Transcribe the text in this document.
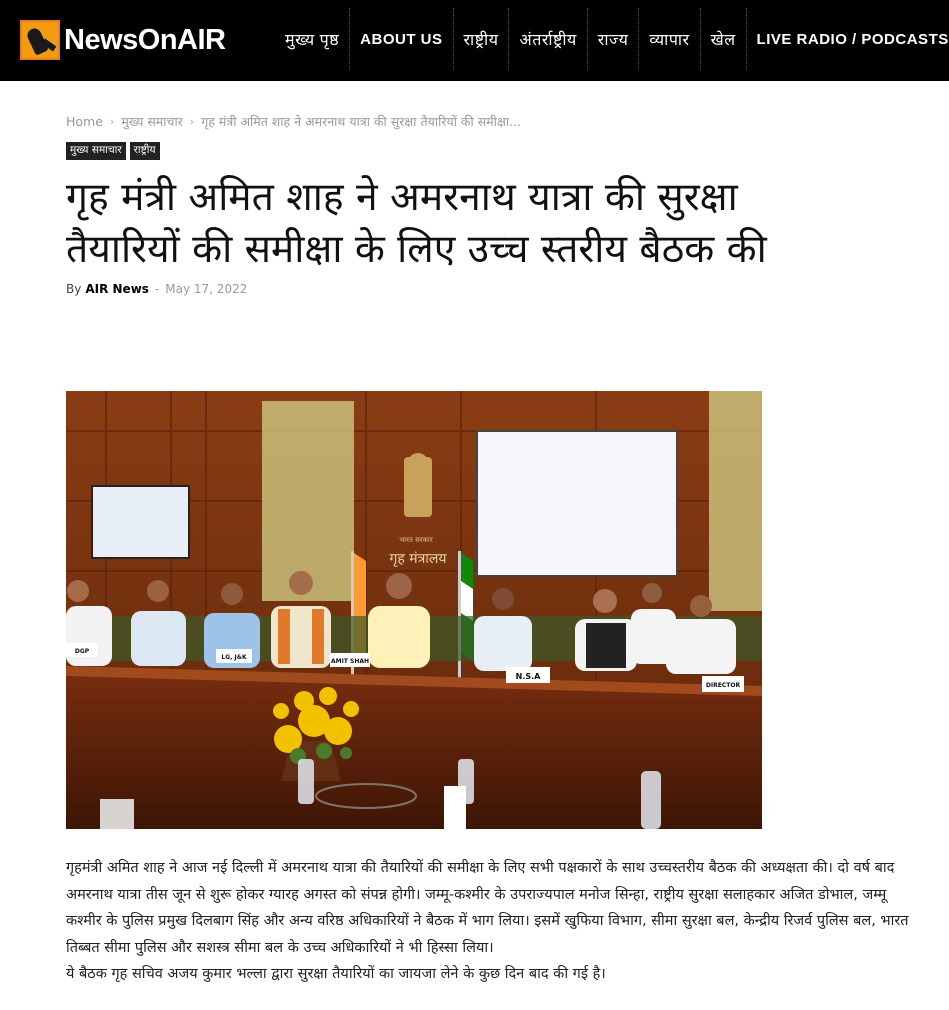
NewsOnAIR	मुख्य पृष्ठ	ABOUT US	राष्ट्रीय	अंतर्राष्ट्रीय	राज्य	व्यापार	खेल	LIVE RADIO / PODCASTS
Home › मुख्य समाचार › गृह मंत्री अमित शाह ने अमरनाथ यात्रा की सुरक्षा तैयारियों की समीक्षा...
मुख्य समाचार	राष्ट्रीय
गृह मंत्री अमित शाह ने अमरनाथ यात्रा की सुरक्षा
तैयारियों की समीक्षा के लिए उच्च स्तरीय बैठक की
By AIR News - May 17, 2022
गृह मंत्रालय
भारत सरकार
DGP
LG, J&K
AMIT SHAH
N.S.A
DIRECTOR

गृहमंत्री अमित शाह ने आज नई दिल्ली में अमरनाथ यात्रा की तैयारियों की समीक्षा के लिए सभी पक्षकारों के साथ उच्चस्तरीय बैठक की अध्यक्षता की। दो वर्ष बाद अमरनाथ यात्रा तीस जून से शुरू होकर ग्यारह अगस्त को संपन्न होगी। जम्मू-कश्मीर के उपराज्यपाल मनोज सिन्हा, राष्ट्रीय सुरक्षा सलाहकार अजित डोभाल, जम्मू कश्मीर के पुलिस प्रमुख दिलबाग सिंह और अन्य वरिष्ठ अधिकारियों ने बैठक में भाग लिया। इसमें खुफिया विभाग, सीमा सुरक्षा बल, केन्द्रीय रिजर्व पुलिस बल, भारत तिब्बत सीमा पुलिस और सशस्त्र सीमा बल के उच्च अधिकारियों ने भी हिस्सा लिया।

ये बैठक गृह सचिव अजय कुमार भल्ला द्वारा सुरक्षा तैयारियों का जायजा लेने के कुछ दिन बाद की गई है।
